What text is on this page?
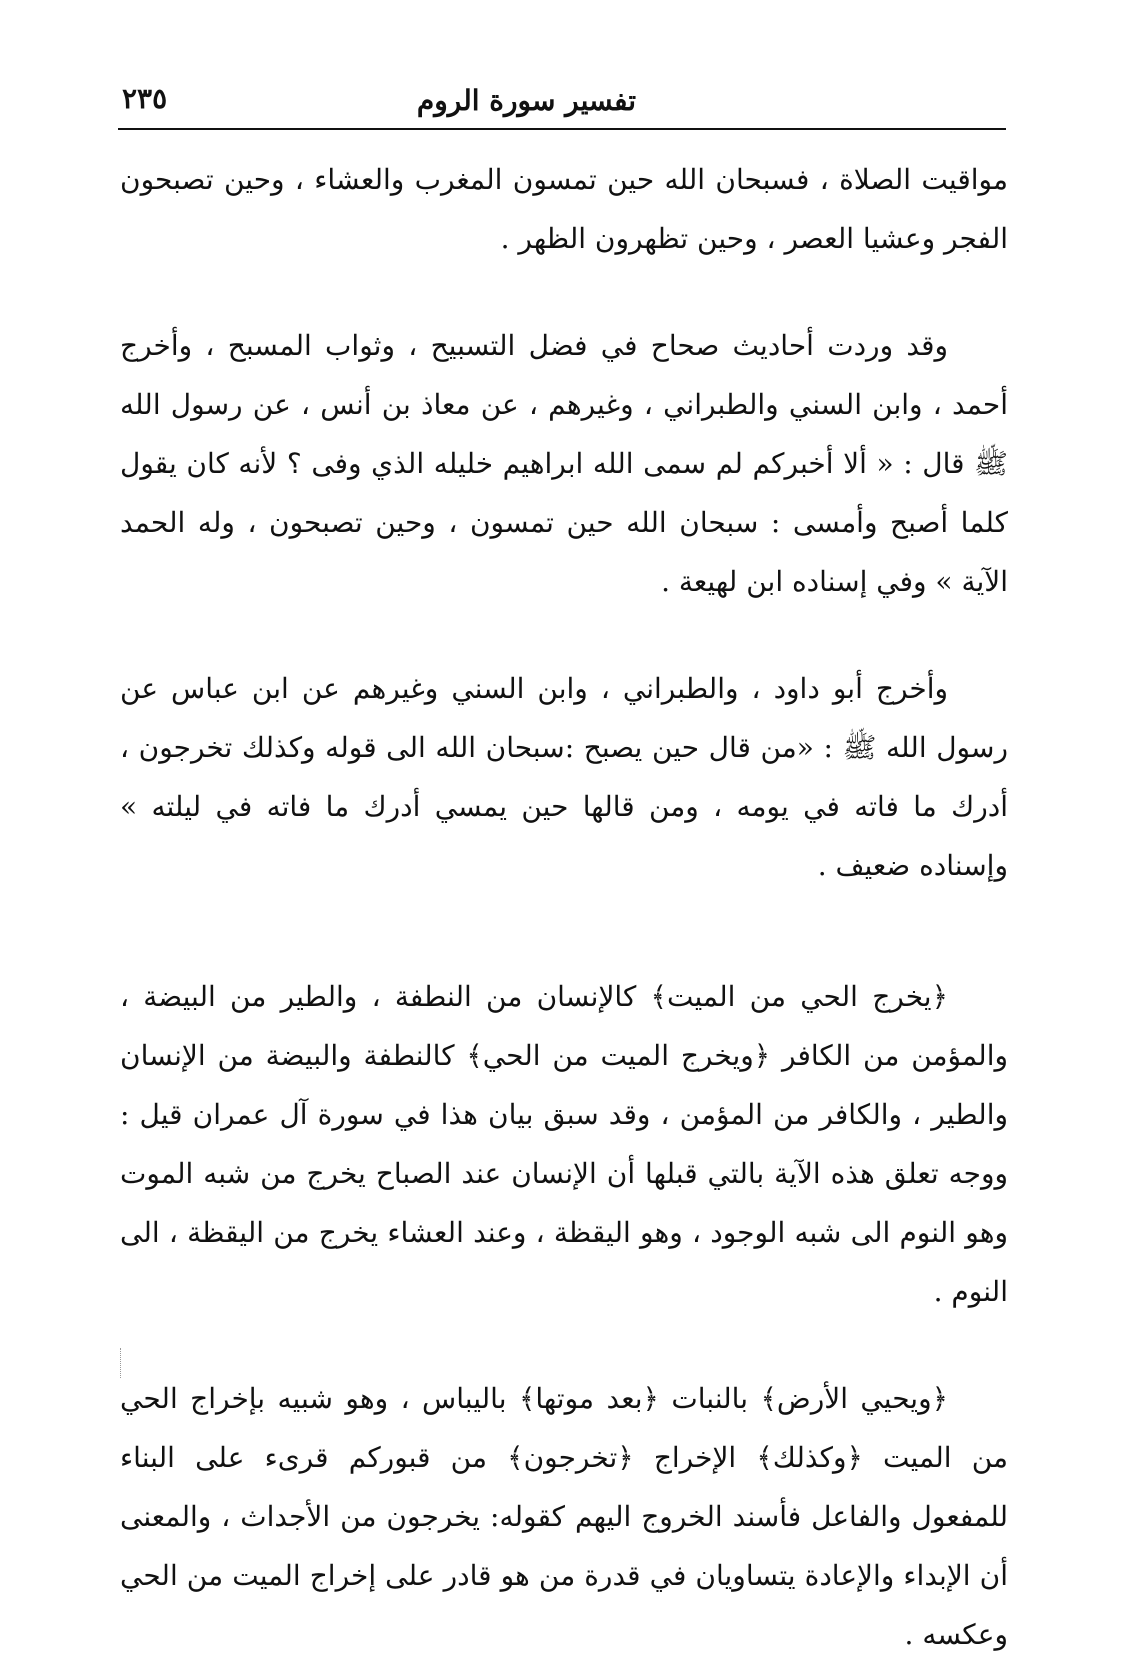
تفسير سورة الروم
٢٣٥

مواقيت الصلاة ، فسبحان الله حين تمسون المغرب والعشاء ، وحين تصبحون الفجر وعشيا العصر ، وحين تظهرون الظهر .

وقد وردت أحاديث صحاح في فضل التسبيح ، وثواب المسبح ، وأخرج أحمد ، وابن السني والطبراني ، وغيرهم ، عن معاذ بن أنس ، عن رسول الله ﷺ قال : « ألا أخبركم لم سمى الله ابراهيم خليله الذي وفى ؟ لأنه كان يقول كلما أصبح وأمسى : سبحان الله حين تمسون ، وحين تصبحون ، وله الحمد الآية » وفي إسناده ابن لهيعة .

وأخرج أبو داود ، والطبراني ، وابن السني وغيرهم عن ابن عباس عن رسول الله ﷺ : «من قال حين يصبح :سبحان الله الى قوله وكذلك تخرجون ، أدرك ما فاته في يومه ، ومن قالها حين يمسي أدرك ما فاته في ليلته » وإسناده ضعيف .

﴿يخرج الحي من الميت﴾ كالإنسان من النطفة ، والطير من البيضة ، والمؤمن من الكافر ﴿ويخرج الميت من الحي﴾ كالنطفة والبيضة من الإنسان والطير ، والكافر من المؤمن ، وقد سبق بيان هذا في سورة آل عمران قيل : ووجه تعلق هذه الآية بالتي قبلها أن الإنسان عند الصباح يخرج من شبه الموت وهو النوم الى شبه الوجود ، وهو اليقظة ، وعند العشاء يخرج من اليقظة ، الى النوم .

﴿ويحيي الأرض﴾ بالنبات ﴿بعد موتها﴾ باليباس ، وهو شبيه بإخراج الحي من الميت ﴿وكذلك﴾ الإخراج ﴿تخرجون﴾ من قبوركم قرىء على البناء للمفعول والفاعل فأسند الخروج اليهم كقوله: يخرجون من الأجداث ، والمعنى أن الإبداء والإعادة يتساويان في قدرة من هو قادر على إخراج الميت من الحي وعكسه .
